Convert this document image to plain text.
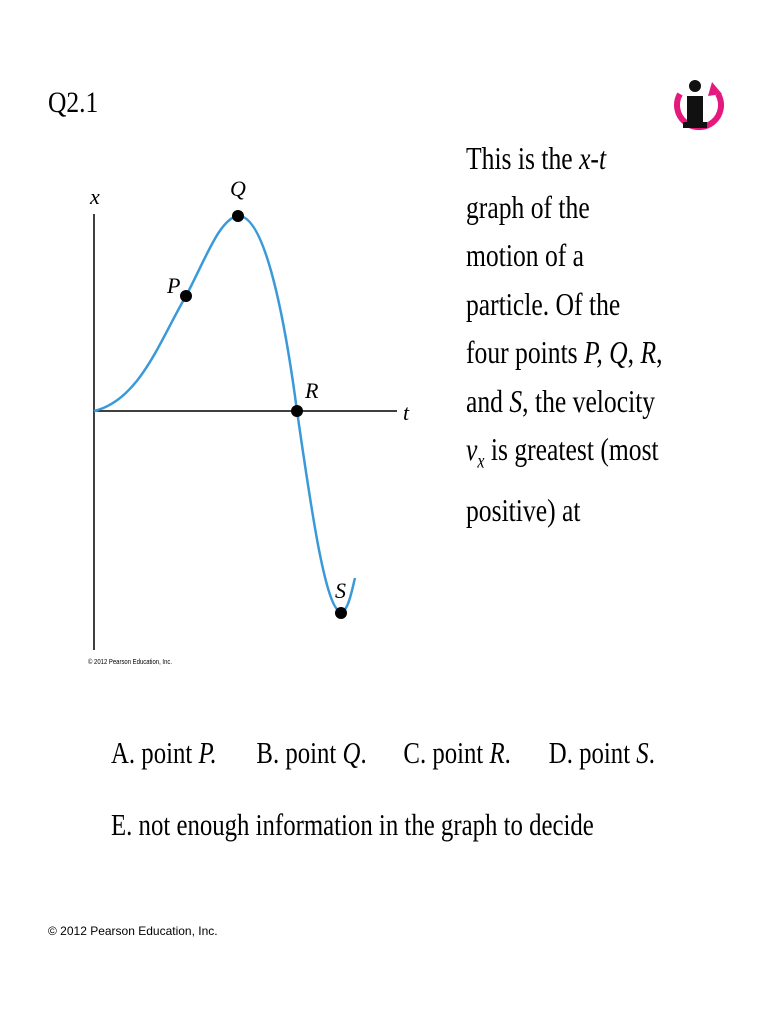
Q2.1
x
t
P
Q
R
S
© 2012 Pearson Education, Inc.
This is the x-t
graph of the
motion of a
particle. Of the
four points P, Q, R,
and S, the velocity
$v_x$ is greatest (most
positive) at
A. point P. B. point Q. C. point R. D. point S.
E. not enough information in the graph to decide
© 2012 Pearson Education, Inc.
